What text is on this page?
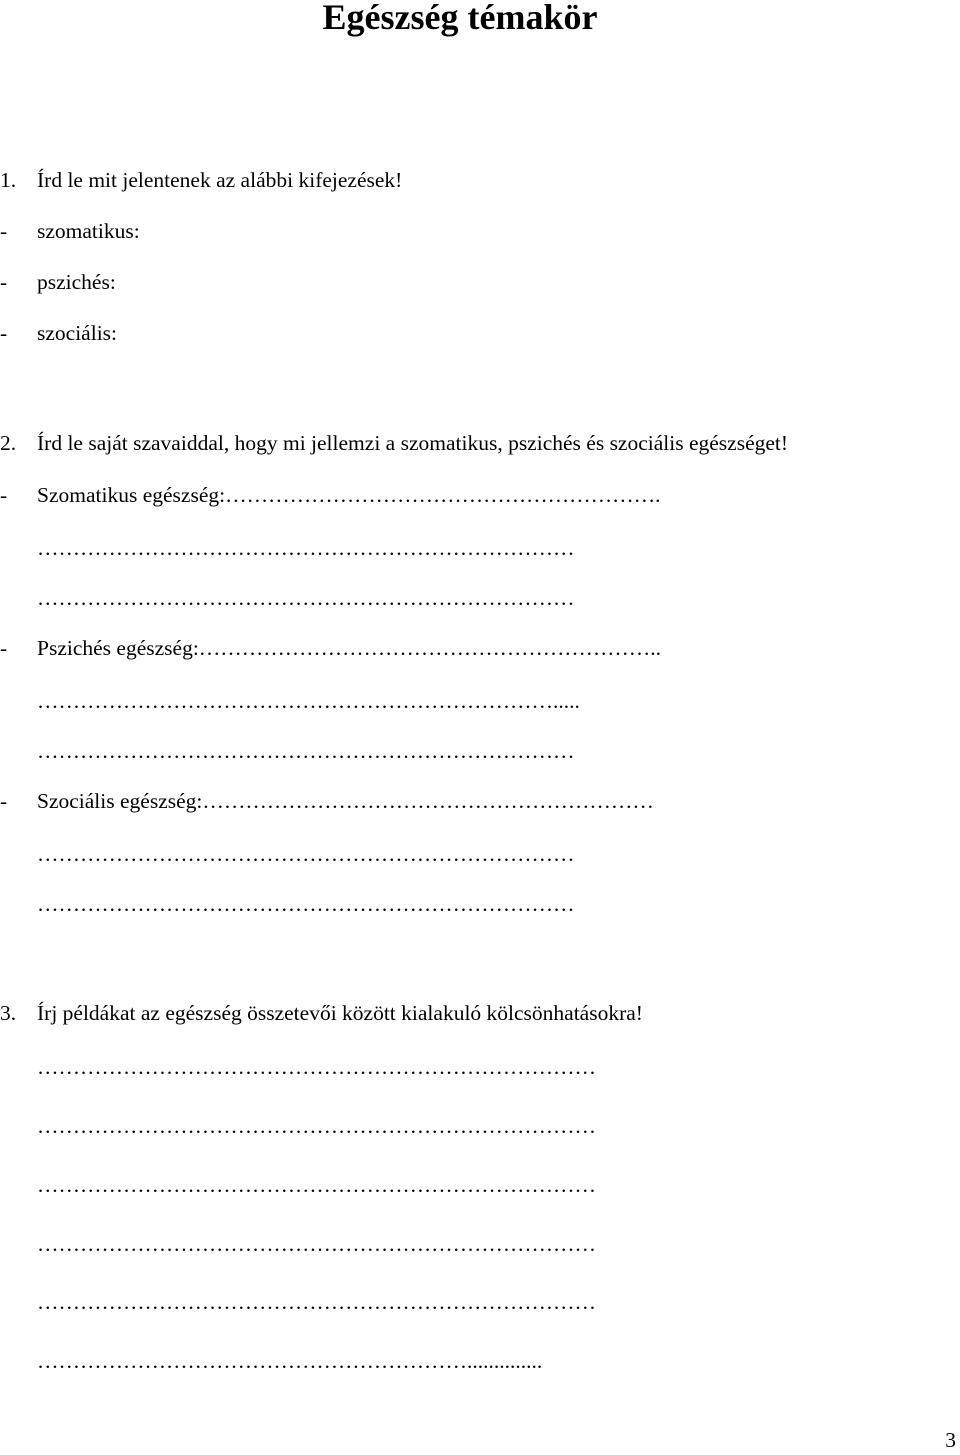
Egészség témakör
1. Írd le mit jelentenek az alábbi kifejezések!
-	szomatikus:
-	pszichés:
-	szociális:
2. Írd le saját szavaiddal, hogy mi jellemzi a szomatikus, pszichés és szociális egészséget!
-	Szomatikus egészség:…………………………………………………….
…………………………………………………………………
…………………………………………………………………
-	Pszichés egészség:………………………………………………………..
……………………………………………………………….....
…………………………………………………………………
-	Szociális egészség:………………………………………………………
…………………………………………………………………
…………………………………………………………………
3. Írj példákat az egészség összetevői között kialakuló kölcsönhatásokra!
……………………………………………………………………
……………………………………………………………………
……………………………………………………………………
……………………………………………………………………
……………………………………………………………………
……………………………………………………..............
3
